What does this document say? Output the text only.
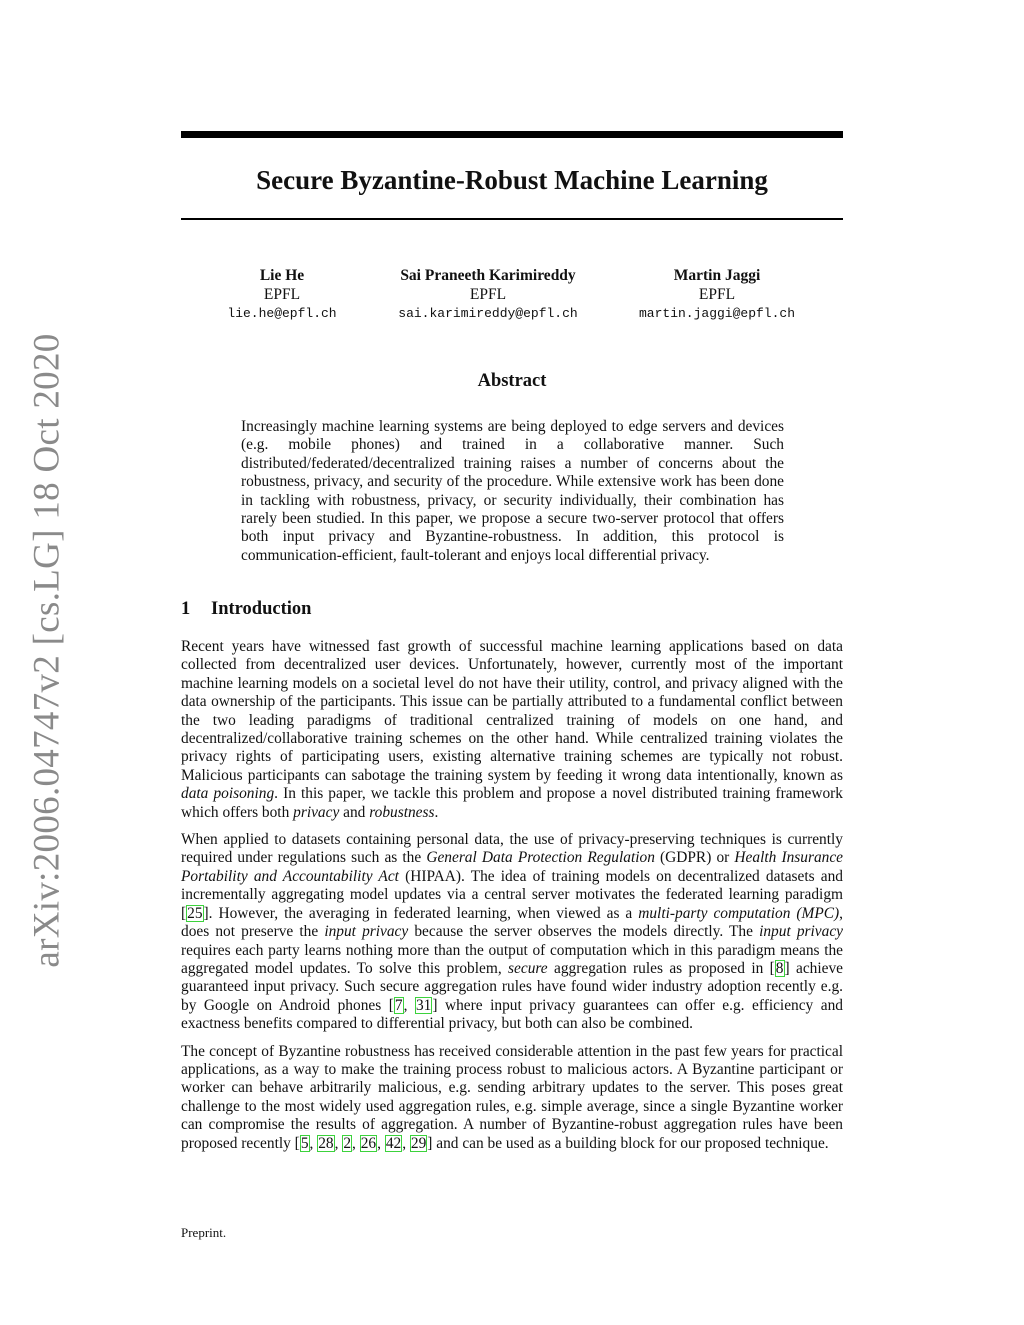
arXiv:2006.04747v2 [cs.LG] 18 Oct 2020
Secure Byzantine-Robust Machine Learning
Lie He
EPFL
lie.he@epfl.ch
Sai Praneeth Karimireddy
EPFL
sai.karimireddy@epfl.ch
Martin Jaggi
EPFL
martin.jaggi@epfl.ch
Abstract

Increasingly machine learning systems are being deployed to edge servers and devices (e.g. mobile phones) and trained in a collaborative manner. Such distributed/federated/decentralized training raises a number of concerns about the robustness, privacy, and security of the procedure. While extensive work has been done in tackling with robustness, privacy, or security individually, their combination has rarely been studied. In this paper, we propose a secure two-server protocol that offers both input privacy and Byzantine-robustness. In addition, this protocol is communication-efficient, fault-tolerant and enjoys local differential privacy.

1 Introduction

Recent years have witnessed fast growth of successful machine learning applications based on data collected from decentralized user devices. Unfortunately, however, currently most of the important machine learning models on a societal level do not have their utility, control, and privacy aligned with the data ownership of the participants. This issue can be partially attributed to a fundamental conflict between the two leading paradigms of traditional centralized training of models on one hand, and decentralized/collaborative training schemes on the other hand. While centralized training violates the privacy rights of participating users, existing alternative training schemes are typically not robust. Malicious participants can sabotage the training system by feeding it wrong data intentionally, known as data poisoning. In this paper, we tackle this problem and propose a novel distributed training framework which offers both privacy and robustness.

When applied to datasets containing personal data, the use of privacy-preserving techniques is currently required under regulations such as the General Data Protection Regulation (GDPR) or Health Insurance Portability and Accountability Act (HIPAA). The idea of training models on decentralized datasets and incrementally aggregating model updates via a central server motivates the federated learning paradigm [25]. However, the averaging in federated learning, when viewed as a multi-party computation (MPC), does not preserve the input privacy because the server observes the models directly. The input privacy requires each party learns nothing more than the output of computation which in this paradigm means the aggregated model updates. To solve this problem, secure aggregation rules as proposed in [8] achieve guaranteed input privacy. Such secure aggregation rules have found wider industry adoption recently e.g. by Google on Android phones [7, 31] where input privacy guarantees can offer e.g. efficiency and exactness benefits compared to differential privacy, but both can also be combined.

The concept of Byzantine robustness has received considerable attention in the past few years for practical applications, as a way to make the training process robust to malicious actors. A Byzantine participant or worker can behave arbitrarily malicious, e.g. sending arbitrary updates to the server. This poses great challenge to the most widely used aggregation rules, e.g. simple average, since a single Byzantine worker can compromise the results of aggregation. A number of Byzantine-robust aggregation rules have been proposed recently [5, 28, 2, 26, 42, 29] and can be used as a building block for our proposed technique.

Preprint.
